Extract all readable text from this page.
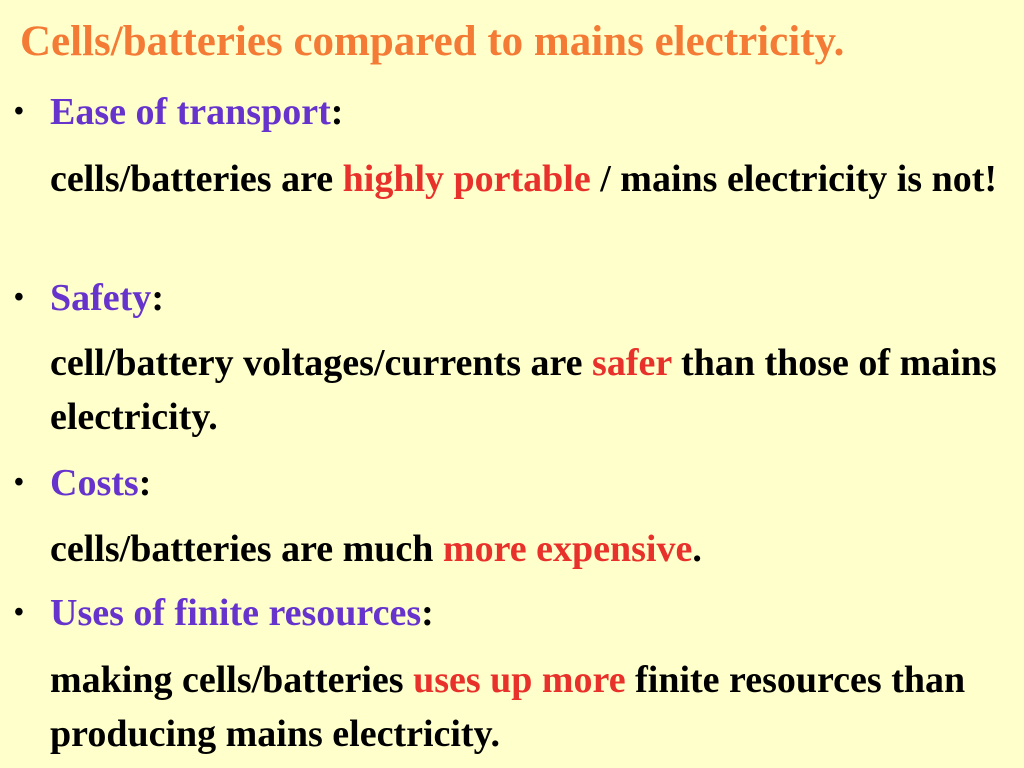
Cells/batteries compared to mains electricity.
• Ease of transport:
cells/batteries are highly portable / mains electricity is not!
• Safety:
cell/battery voltages/currents are safer than those of mains electricity.
• Costs:
cells/batteries are much more expensive.
• Uses of finite resources:
making cells/batteries uses up more finite resources than producing mains electricity.
